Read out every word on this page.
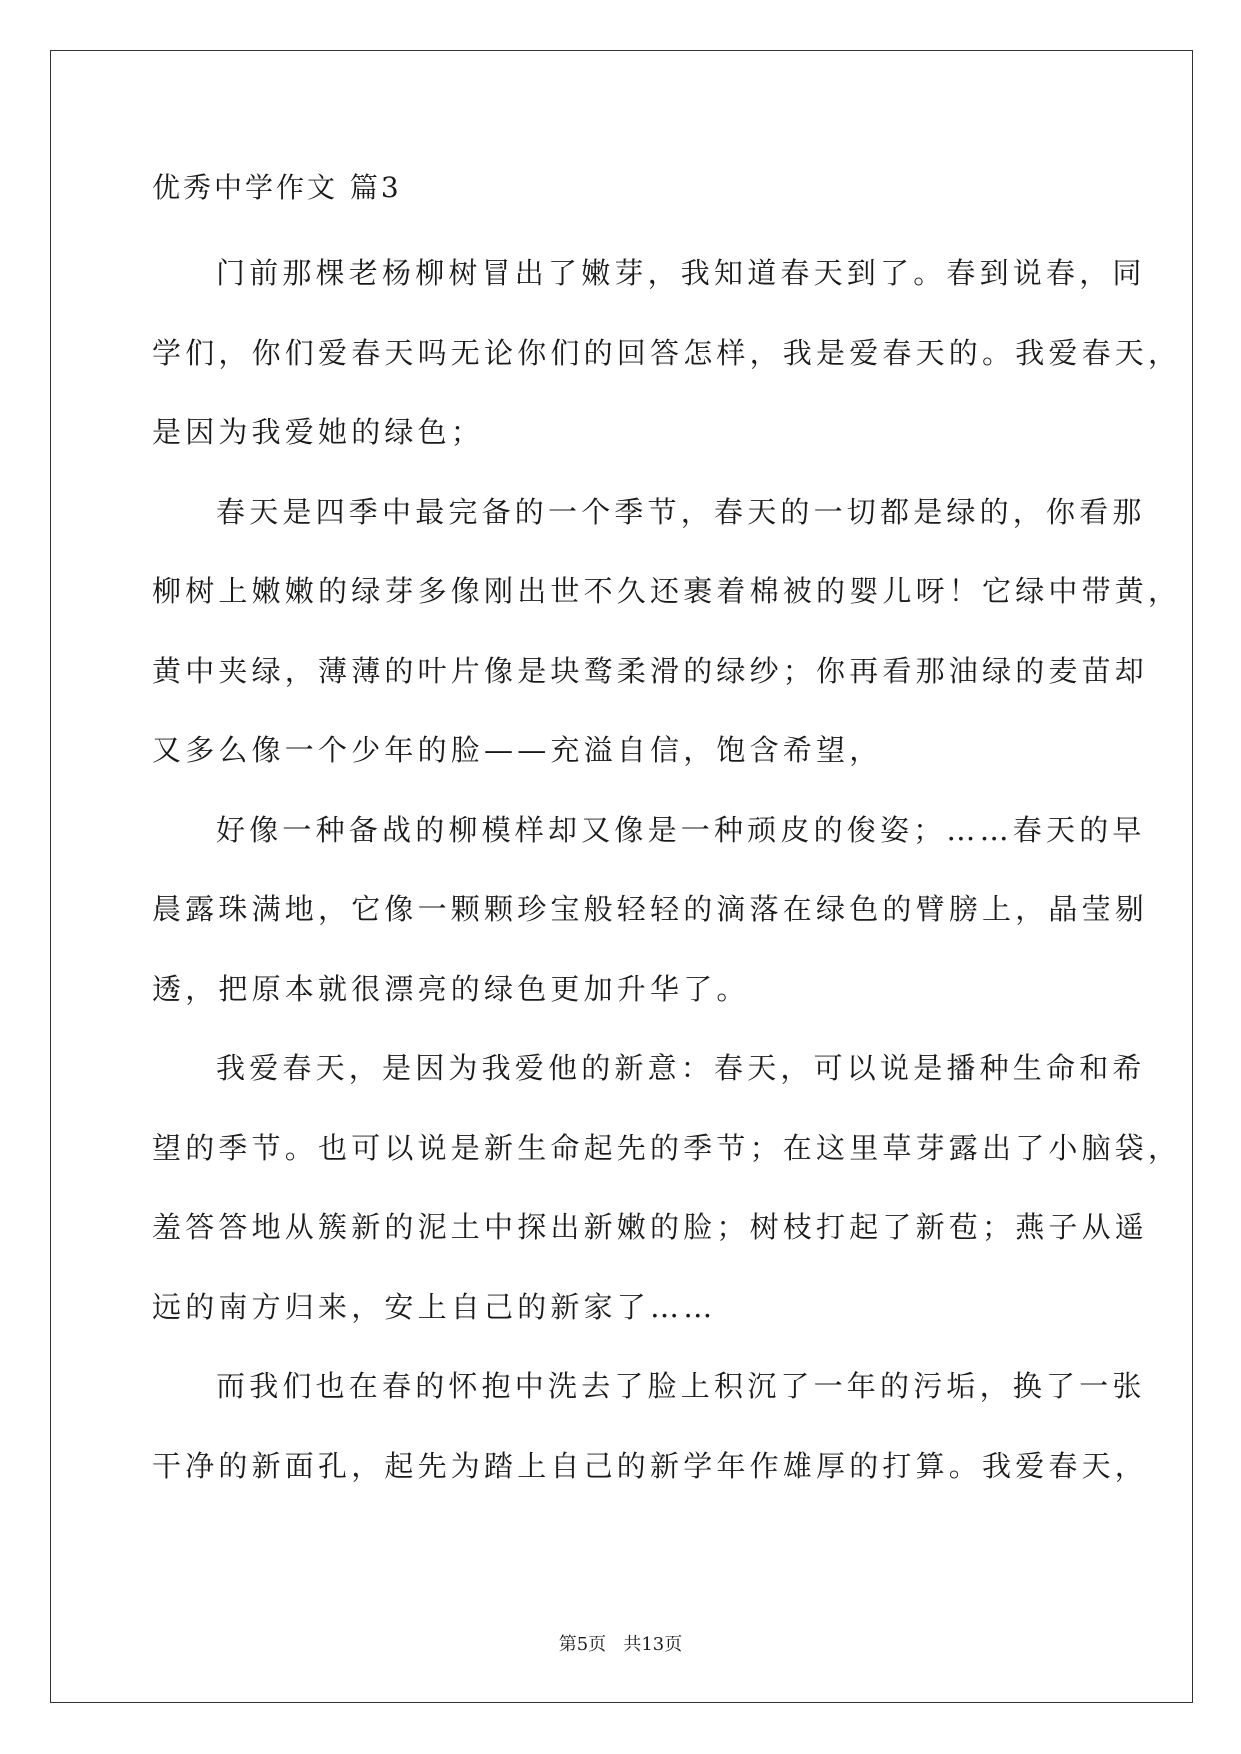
优秀中学作文 篇3
门前那棵老杨柳树冒出了嫩芽，我知道春天到了。春到说春，同
学们，你们爱春天吗无论你们的回答怎样，我是爱春天的。我爱春天，
是因为我爱她的绿色；
春天是四季中最完备的一个季节，春天的一切都是绿的，你看那
柳树上嫩嫩的绿芽多像刚出世不久还裹着棉被的婴儿呀！它绿中带黄，
黄中夹绿，薄薄的叶片像是块鹜柔滑的绿纱；你再看那油绿的麦苗却
又多么像一个少年的脸——充溢自信，饱含希望，
好像一种备战的柳模样却又像是一种顽皮的俊姿；……春天的早
晨露珠满地，它像一颗颗珍宝般轻轻的滴落在绿色的臂膀上，晶莹剔
透，把原本就很漂亮的绿色更加升华了。
我爱春天，是因为我爱他的新意：春天，可以说是播种生命和希
望的季节。也可以说是新生命起先的季节；在这里草芽露出了小脑袋，
羞答答地从簇新的泥土中探出新嫩的脸；树枝打起了新苞；燕子从遥
远的南方归来，安上自己的新家了……
而我们也在春的怀抱中洗去了脸上积沉了一年的污垢，换了一张
干净的新面孔，起先为踏上自己的新学年作雄厚的打算。我爱春天，
第5页   共13页
